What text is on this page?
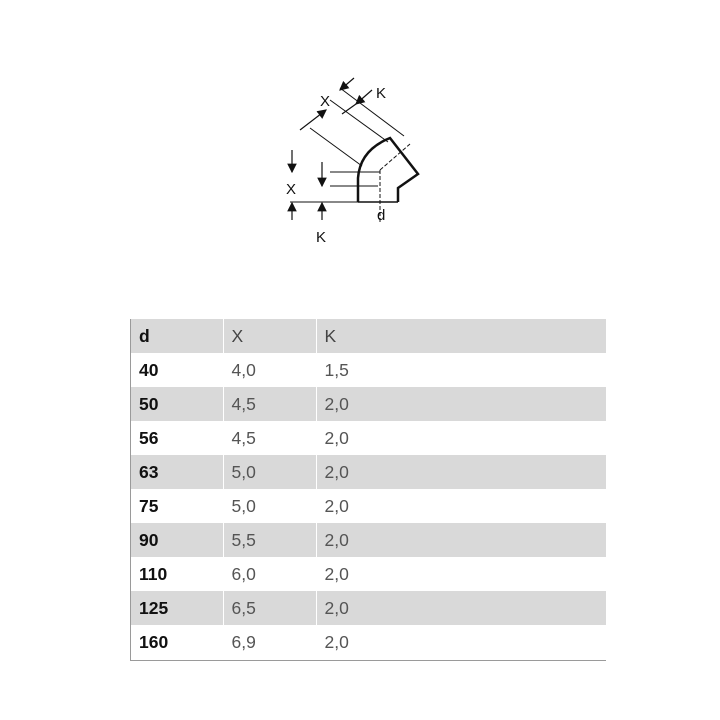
X	K
X
K
d
d	X	K
40	4,0	1,5
50	4,5	2,0
56	4,5	2,0
63	5,0	2,0
75	5,0	2,0
90	5,5	2,0
110	6,0	2,0
125	6,5	2,0
160	6,9	2,0
